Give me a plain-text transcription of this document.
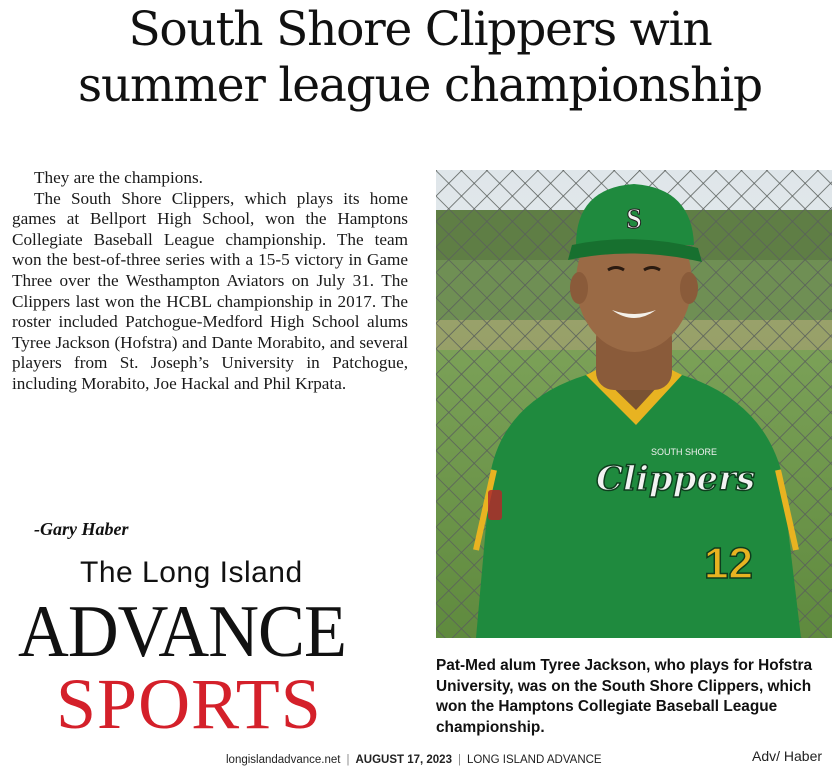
South Shore Clippers win
summer league championship

They are the champions.

The South Shore Clippers, which plays its home games at Bellport High School, won the Hamptons Collegiate Baseball League championship. The team won the best-of-three series with a 15-5 victory in Game Three over the Westhampton Aviators on July 31. The Clippers last won the HCBL championship in 2017. The roster included Patchogue-Medford High School alums Tyree Jackson (Hofstra) and Dante Morabito, and several players from St. Joseph’s University in Patchogue, including Morabito, Joe Hackal and Phil Krpata.

-Gary Haber
The Long Island
ADVANCE
SPORTS
S
Clippers
SOUTH SHORE
12
Pat-Med alum Tyree Jackson, who plays for Hofstra University, was on the South Shore Clippers, which won the Hamptons Collegiate Baseball League championship.
Adv/ Haber
longislandadvance.net | AUGUST 17, 2023 | LONG ISLAND ADVANCE
